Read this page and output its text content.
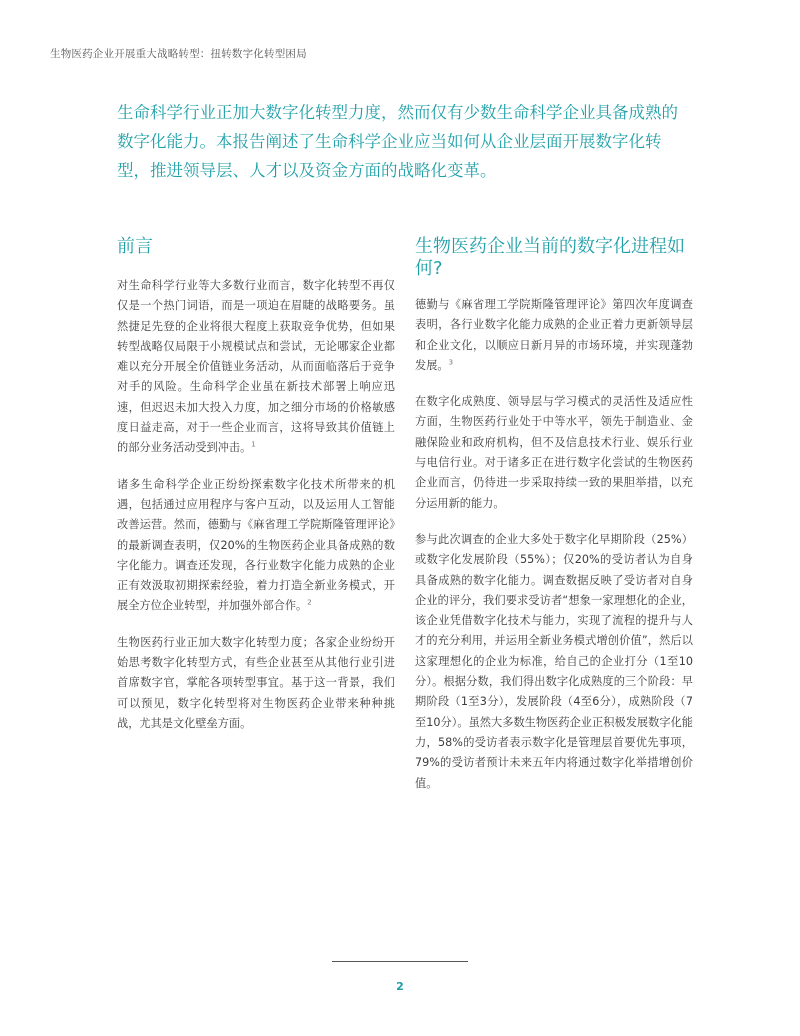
生物医药企业开展重大战略转型：扭转数字化转型困局

生命科学行业正加大数字化转型力度，然而仅有少数生命科学企业具备成熟的数字化能力。本报告阐述了生命科学企业应当如何从企业层面开展数字化转型，推进领导层、人才以及资金方面的战略化变革。

前言

对生命科学行业等大多数行业而言，数字化转型不再仅仅是一个热门词语，而是一项迫在眉睫的战略要务。虽然捷足先登的企业将很大程度上获取竞争优势，但如果转型战略仅局限于小规模试点和尝试，无论哪家企业都难以充分开展全价值链业务活动，从而面临落后于竞争对手的风险。生命科学企业虽在新技术部署上响应迅速，但迟迟未加大投入力度，加之细分市场的价格敏感度日益走高，对于一些企业而言，这将导致其价值链上的部分业务活动受到冲击。$^1$

诸多生命科学企业正纷纷探索数字化技术所带来的机遇，包括通过应用程序与客户互动，以及运用人工智能改善运营。然而，德勤与《麻省理工学院斯隆管理评论》的最新调查表明，仅20%的生物医药企业具备成熟的数字化能力。调查还发现，各行业数字化能力成熟的企业正有效汲取初期探索经验，着力打造全新业务模式，开展全方位企业转型，并加强外部合作。$^2$

生物医药行业正加大数字化转型力度；各家企业纷纷开始思考数字化转型方式，有些企业甚至从其他行业引进首席数字官，掌舵各项转型事宜。基于这一背景，我们可以预见，数字化转型将对生物医药企业带来种种挑战，尤其是文化壁垒方面。

生物医药企业当前的数字化进程如何?

德勤与《麻省理工学院斯隆管理评论》第四次年度调查表明，各行业数字化能力成熟的企业正着力更新领导层和企业文化，以顺应日新月异的市场环境，并实现蓬勃发展。$^3$

在数字化成熟度、领导层与学习模式的灵活性及适应性方面，生物医药行业处于中等水平，领先于制造业、金融保险业和政府机构，但不及信息技术行业、娱乐行业与电信行业。对于诸多正在进行数字化尝试的生物医药企业而言，仍待进一步采取持续一致的果胆举措，以充分运用新的能力。

参与此次调查的企业大多处于数字化早期阶段（25%）或数字化发展阶段（55%）；仅20%的受访者认为自身具备成熟的数字化能力。调查数据反映了受访者对自身企业的评分，我们要求受访者“想象一家理想化的企业，该企业凭借数字化技术与能力，实现了流程的提升与人才的充分利用，并运用全新业务模式增创价值”，然后以这家理想化的企业为标准，给自己的企业打分（1至10分）。根据分数，我们得出数字化成熟度的三个阶段：早期阶段（1至3分），发展阶段（4至6分），成熟阶段（7至10分）。虽然大多数生物医药企业正积极发展数字化能力，58%的受访者表示数字化是管理层首要优先事项，79%的受访者预计未来五年内将通过数字化举措增创价值。

2
